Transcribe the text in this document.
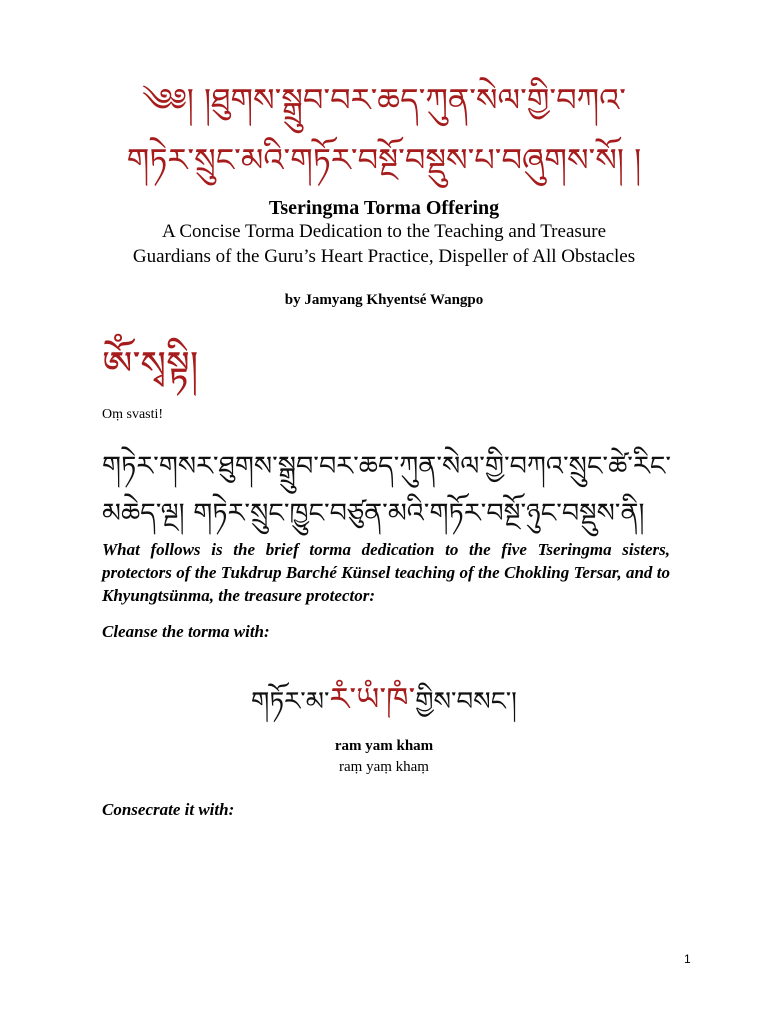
༄༅། །ཐུགས་སྒྲུབ་བར་ཆད་ཀུན་སེལ་གྱི་བཀའ་
གཏེར་སྲུང་མའི་གཏོར་བསྔོ་བསྡུས་པ་བཞུགས་སོ། །
Tseringma Torma Offering
A Concise Torma Dedication to the Teaching and Treasure
Guardians of the Guru’s Heart Practice, Dispeller of All Obstacles
by Jamyang Khyentsé Wangpo
ཨོཾ་སྭསྟི།
Oṃ svasti!
གཏེར་གསར་ཐུགས་སྒྲུབ་བར་ཆད་ཀུན་སེལ་གྱི་བཀའ་སྲུང་ཚེ་རིང་
མཆེད་ལྔ། གཏེར་སྲུང་ཁྱུང་བཙུན་མའི་གཏོར་བསྔོ་ཉུང་བསྡུས་ནི།

What follows is the brief torma dedication to the five Tseringma sisters, protectors of the Tukdrup Barché Künsel teaching of the Chokling Tersar, and to Khyungtsünma, the treasure protector:

Cleanse the torma with:
གཏོར་མ་རཾ་ཡཾ་ཁཾ་གྱིས་བསང་།
ram yam kham
raṃ yaṃ khaṃ
Consecrate it with:
1
